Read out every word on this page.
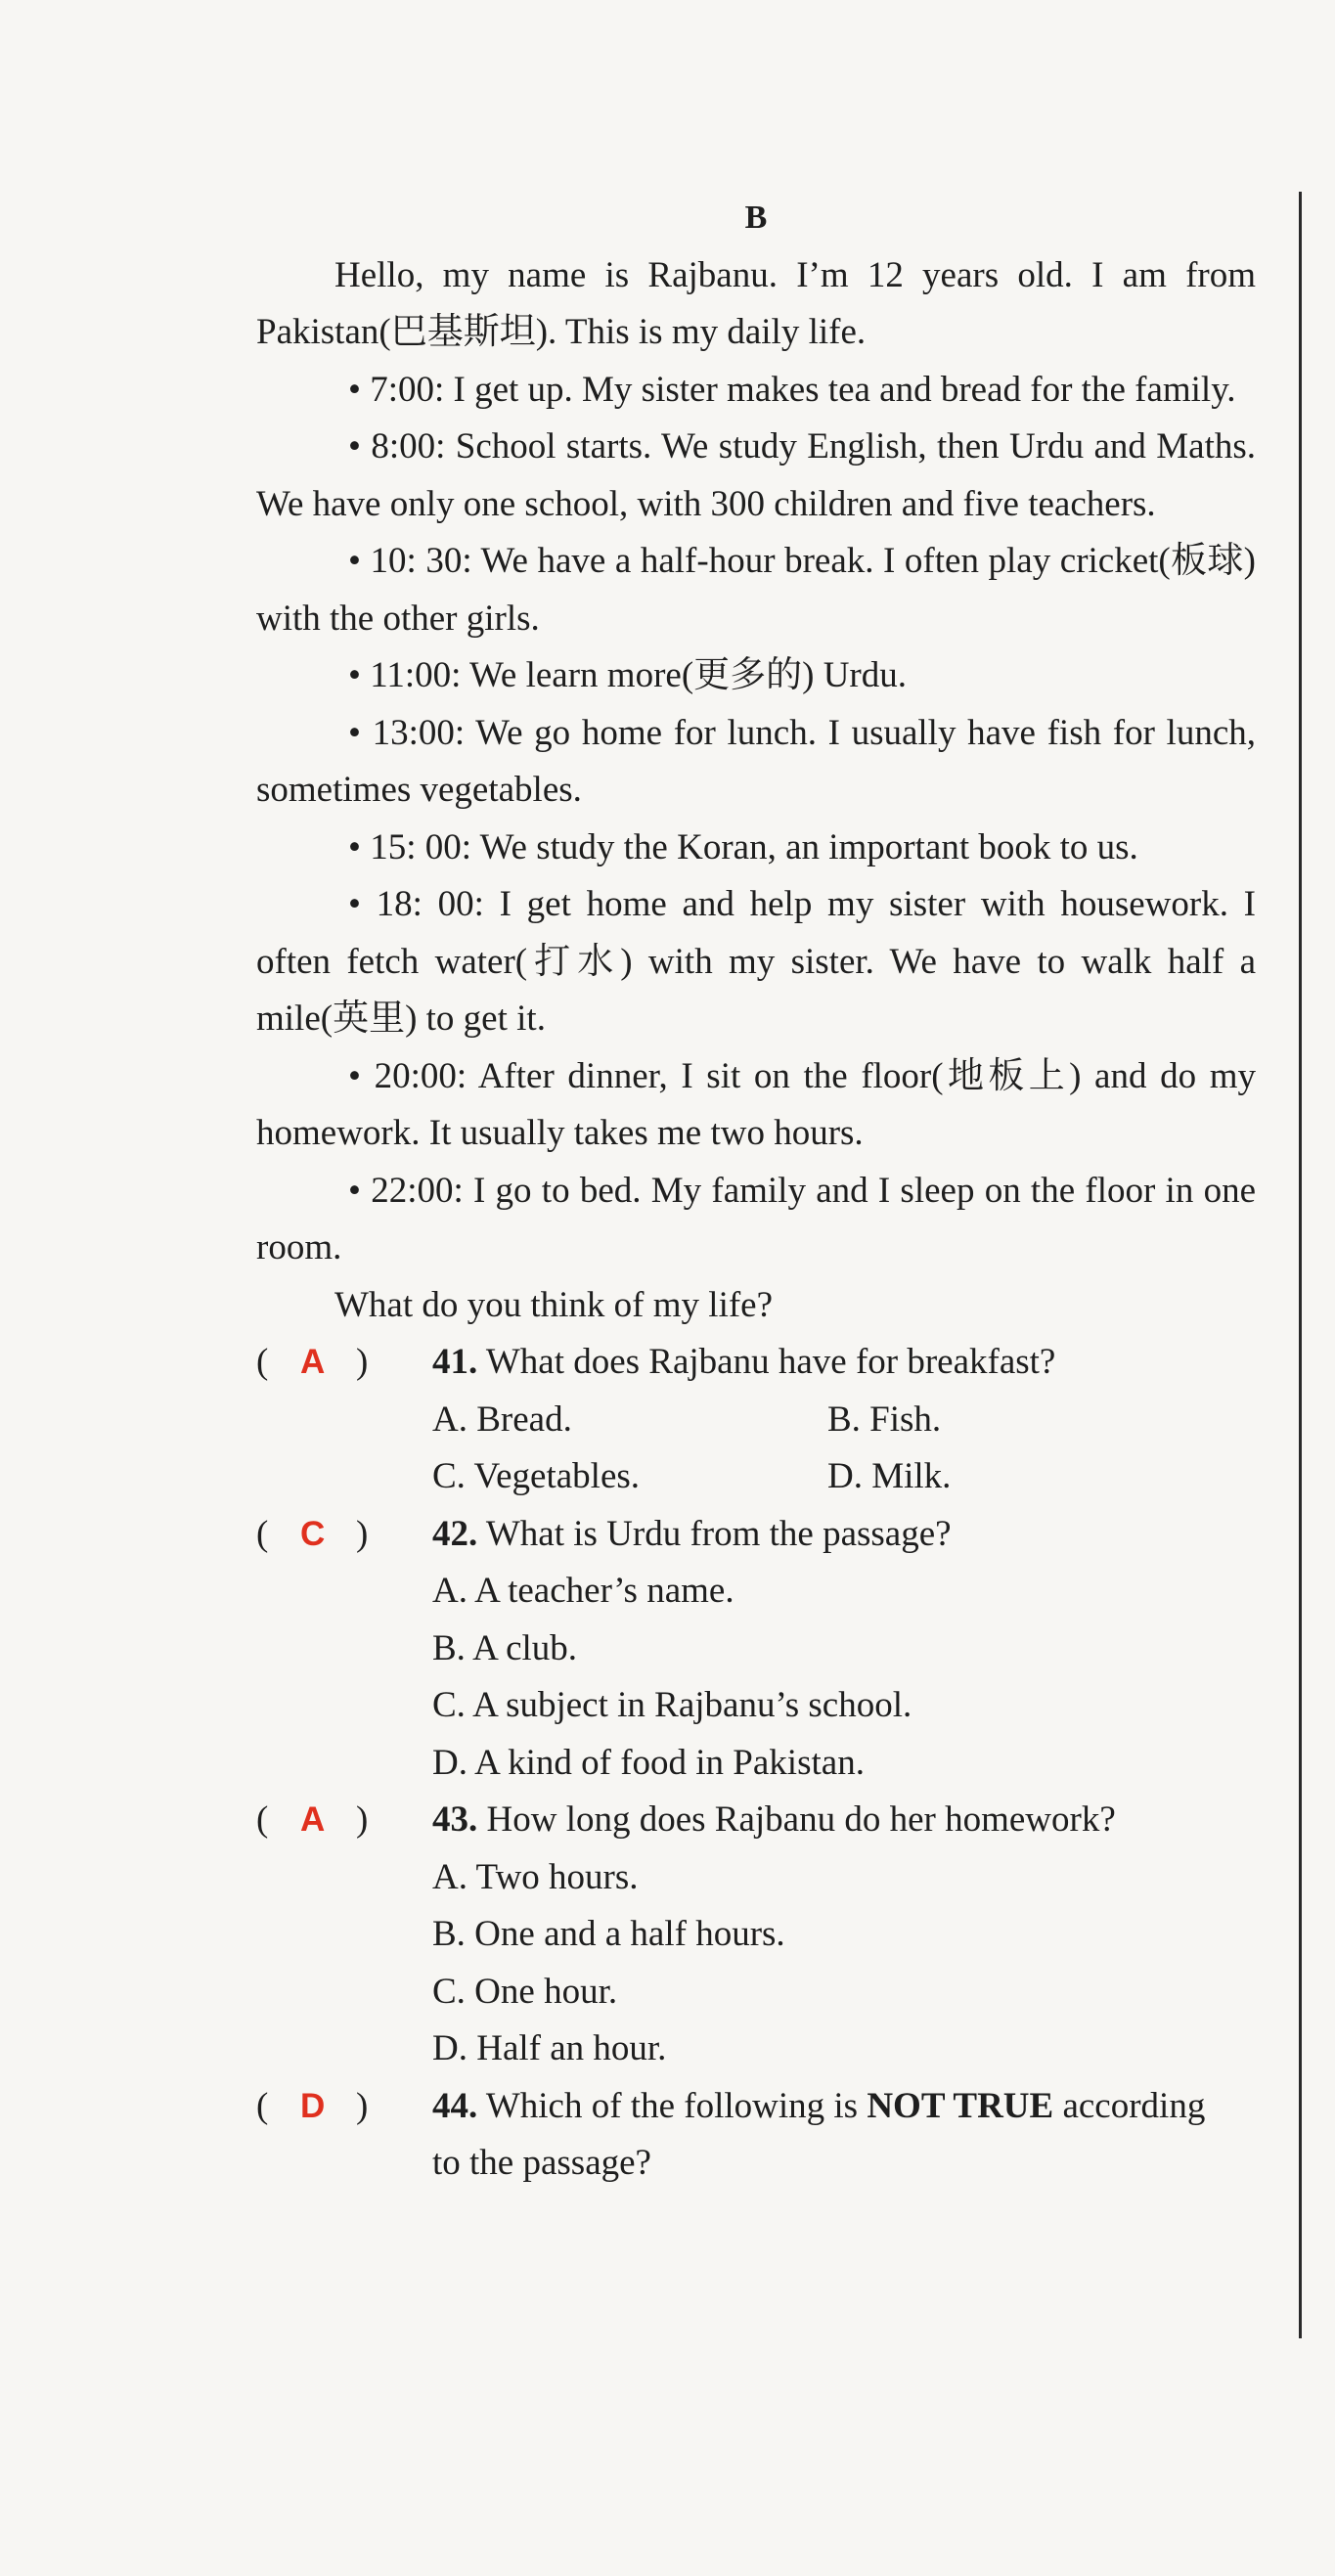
B

Hello, my name is Rajbanu. I’m 12 years old. I am from Pakistan(巴基斯坦). This is my daily life.

• 7:00: I get up. My sister makes tea and bread for the family.

• 8:00: School starts. We study English, then Urdu and Maths. We have only one school, with 300 children and five teachers.

• 10: 30: We have a half-hour break. I often play cricket(板球) with the other girls.

• 11:00: We learn more(更多的) Urdu.

• 13:00: We go home for lunch. I usually have fish for lunch, sometimes vegetables.

• 15: 00: We study the Koran, an important book to us.

• 18: 00: I get home and help my sister with housework. I often fetch water(打水) with my sister. We have to walk half a mile(英里) to get it.

• 20:00: After dinner, I sit on the floor(地板上) and do my homework. It usually takes me two hours.

• 22:00: I go to bed. My family and I sleep on the floor in one room.

What do you think of my life?

( A ) 41. What does Rajbanu have for breakfast?
A. Bread.	B. Fish.
C. Vegetables.	D. Milk.
( C ) 42. What is Urdu from the passage?
A. A teacher’s name.
B. A club.
C. A subject in Rajbanu’s school.
D. A kind of food in Pakistan.
( A ) 43. How long does Rajbanu do her homework?
A. Two hours.
B. One and a half hours.
C. One hour.
D. Half an hour.
( D ) 44. Which of the following is NOT TRUE according
to the passage?
